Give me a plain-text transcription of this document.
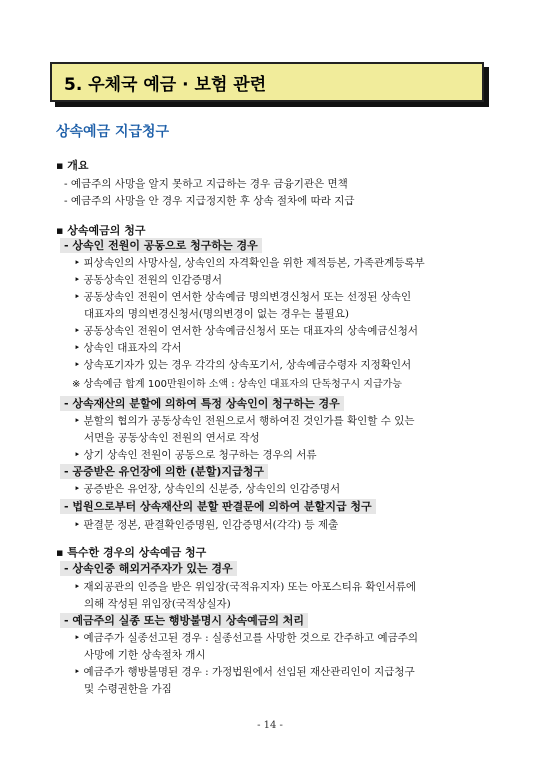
5. 우체국 예금 · 보험 관련
상속예금 지급청구
▪ 개요
- 예금주의 사망을 알지 못하고 지급하는 경우 금융기관은 면책
- 예금주의 사망을 안 경우 지급정지한 후 상속 절차에 따라 지급
▪ 상속예금의 청구
- 상속인 전원이 공동으로 청구하는 경우
‣ 피상속인의 사망사실, 상속인의 자격확인을 위한 제적등본, 가족관계등록부
‣ 공동상속인 전원의 인감증명서
‣ 공동상속인 전원이 연서한 상속예금 명의변경신청서 또는 선정된 상속인
대표자의 명의변경신청서(명의변경이 없는 경우는 불필요)
‣ 공동상속인 전원이 연서한 상속예금신청서 또는 대표자의 상속예금신청서
‣ 상속인 대표자의 각서
‣ 상속포기자가 있는 경우 각각의 상속포기서, 상속예금수령자 지정확인서
※ 상속예금 합계 100만원이하 소액 : 상속인 대표자의 단독청구시 지급가능
- 상속재산의 분할에 의하여 특정 상속인이 청구하는 경우
‣ 분할의 협의가 공동상속인 전원으로서 행하여진 것인가를 확인할 수 있는
서면을 공동상속인 전원의 연서로 작성
‣ 상기 상속인 전원이 공동으로 청구하는 경우의 서류
- 공증받은 유언장에 의한 (분할)지급청구
‣ 공증받은 유언장, 상속인의 신분증, 상속인의 인감증명서
- 법원으로부터 상속재산의 분할 판결문에 의하여 분할지급 청구
‣ 판결문 정본, 판결확인증명원, 인감증명서(각각) 등 제출
▪ 특수한 경우의 상속예금 청구
- 상속인중 해외거주자가 있는 경우
‣ 재외공관의 인증을 받은 위임장(국적유지자) 또는 아포스티유 확인서류에
의해 작성된 위임장(국적상실자)
- 예금주의 실종 또는 행방불명시 상속예금의 처리
‣ 예금주가 실종선고된 경우 : 실종선고를 사망한 것으로 간주하고 예금주의
사망에 기한 상속절차 개시
‣ 예금주가 행방불명된 경우 : 가정법원에서 선임된 재산관리인이 지급청구
및 수령권한을 가짐
- 14 -
